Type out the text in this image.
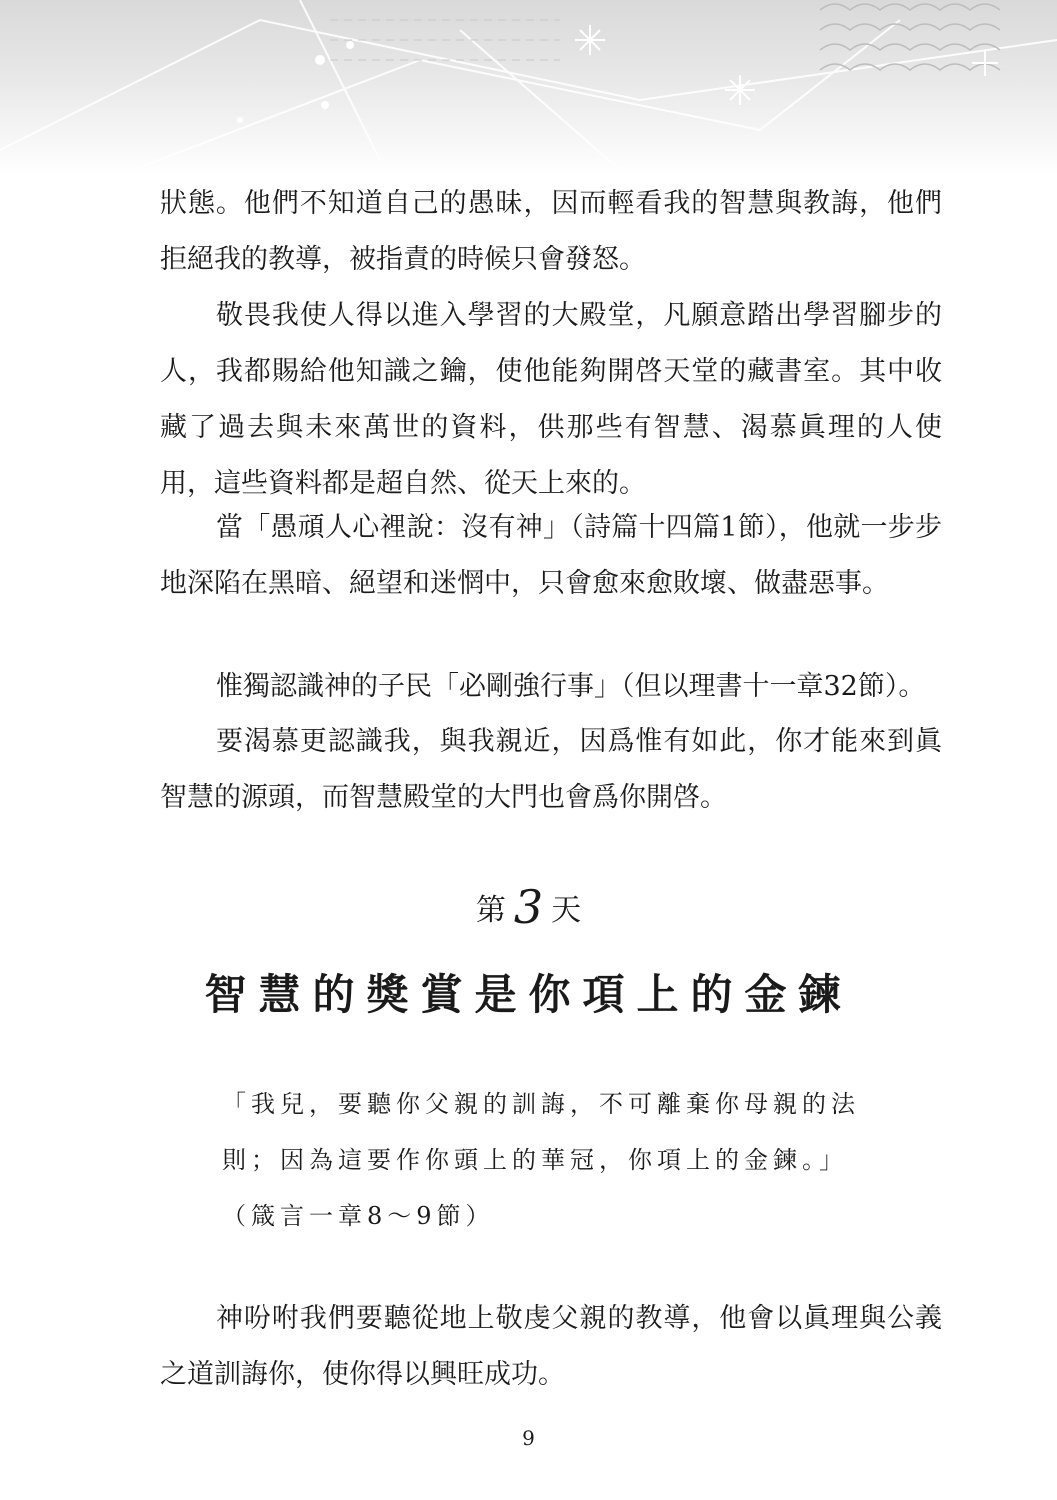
狀態。他們不知道自己的愚昧，因而輕看我的智慧與教誨，他們拒絕我的教導，被指責的時候只會發怒。

敬畏我使人得以進入學習的大殿堂，凡願意踏出學習腳步的人，我都賜給他知識之鑰，使他能夠開啓天堂的藏書室。其中收藏了過去與未來萬世的資料，供那些有智慧、渴慕眞理的人使用，這些資料都是超自然、從天上來的。

當「愚頑人心裡說：沒有神」（詩篇十四篇1節），他就一步步地深陷在黑暗、絕望和迷惘中，只會愈來愈敗壞、做盡惡事。

惟獨認識神的子民「必剛強行事」（但以理書十一章32節）。

要渴慕更認識我，與我親近，因爲惟有如此，你才能來到眞智慧的源頭，而智慧殿堂的大門也會爲你開啓。

第 3 天
智慧的獎賞是你項上的金鍊
「我兒，要聽你父親的訓誨，不可離棄你母親的法
則；因為這要作你頭上的華冠，你項上的金鍊。」
（箴言一章8～9節）

神吩咐我們要聽從地上敬虔父親的教導，他會以眞理與公義之道訓誨你，使你得以興旺成功。

9
